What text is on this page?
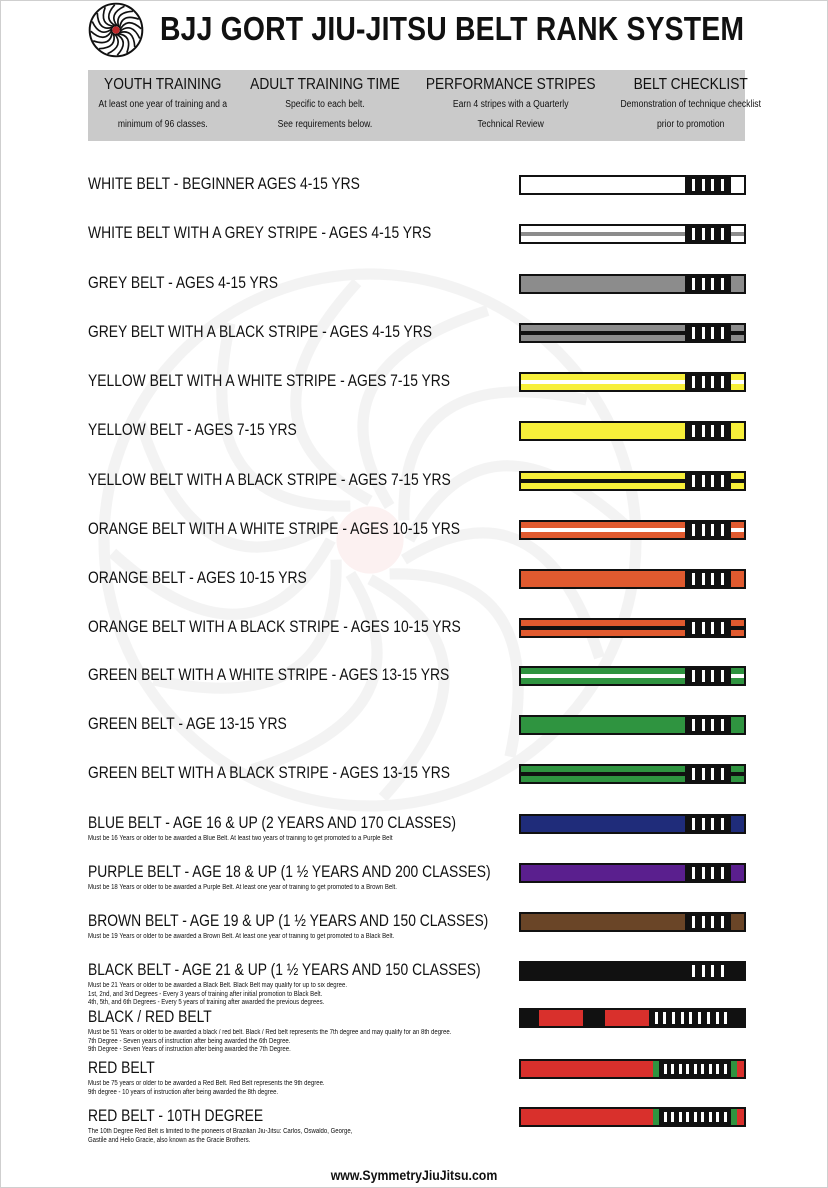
BJJ GORT JIU-JITSU BELT RANK SYSTEM
YOUTH TRAINING
At least one year of training and a
minimum of 96 classes.
ADULT TRAINING TIME
Specific to each belt.
See requirements below.
PERFORMANCE STRIPES
Earn 4 stripes with a Quarterly
Technical Review
BELT CHECKLIST
Demonstration of technique checklist
prior to promotion
WHITE BELT - BEGINNER AGES 4-15 YRS
WHITE BELT WITH A GREY STRIPE - AGES 4-15 YRS
GREY BELT - AGES 4-15 YRS
GREY BELT WITH A BLACK STRIPE - AGES 4-15 YRS
YELLOW BELT WITH A WHITE STRIPE - AGES 7-15 YRS
YELLOW BELT - AGES 7-15 YRS
YELLOW BELT WITH A BLACK STRIPE - AGES 7-15 YRS
ORANGE BELT WITH A WHITE STRIPE - AGES 10-15 YRS
ORANGE BELT - AGES 10-15 YRS
ORANGE BELT WITH A BLACK STRIPE - AGES 10-15 YRS
GREEN BELT WITH A WHITE STRIPE - AGES 13-15 YRS
GREEN BELT - AGE 13-15 YRS
GREEN BELT WITH A BLACK STRIPE - AGES 13-15 YRS
BLUE BELT - AGE 16 & UP (2 YEARS AND 170 CLASSES)
Must be 16 Years or older to be awarded a Blue Belt. At least two years of training to get promoted to a Purple Belt
PURPLE BELT - AGE 18 & UP (1 ½ YEARS AND 200 CLASSES)
Must be 18 Years or older to be awarded a Purple Belt. At least one year of training to get promoted to a Brown Belt.
BROWN BELT - AGE 19 & UP (1 ½ YEARS AND 150 CLASSES)
Must be 19 Years or older to be awarded a Brown Belt. At least one year of training to get promoted to a Black Belt.
BLACK BELT - AGE 21 & UP (1 ½ YEARS AND 150 CLASSES)
Must be 21 Years or older to be awarded a Black Belt. Black Belt may qualify for up to six degree.
1st, 2nd, and 3rd Degrees - Every 3 years of training after initial promotion to Black Belt.
4th, 5th, and 6th Degrees - Every 5 years of training after awarded the previous degrees.
BLACK / RED BELT
Must be 51 Years or older to be awarded a black / red belt. Black / Red belt represents the 7th degree and may qualify for an 8th degree.
7th Degree - Seven years of instruction after being awarded the 6th Degree.
9th Degree - Seven Years of instruction after being awarded the 7th Degree.
RED BELT
Must be 75 years or older to be awarded a Red Belt. Red Belt represents the 9th degree.
9th degree - 10 years of instruction after being awarded the 8th degree.
RED BELT - 10TH DEGREE
The 10th Degree Red Belt is limited to the pioneers of Brazilian Jiu-Jitsu: Carlos, Oswaldo, George,
Gastile and Helio Gracie, also known as the Gracie Brothers.
www.SymmetryJiuJitsu.com
